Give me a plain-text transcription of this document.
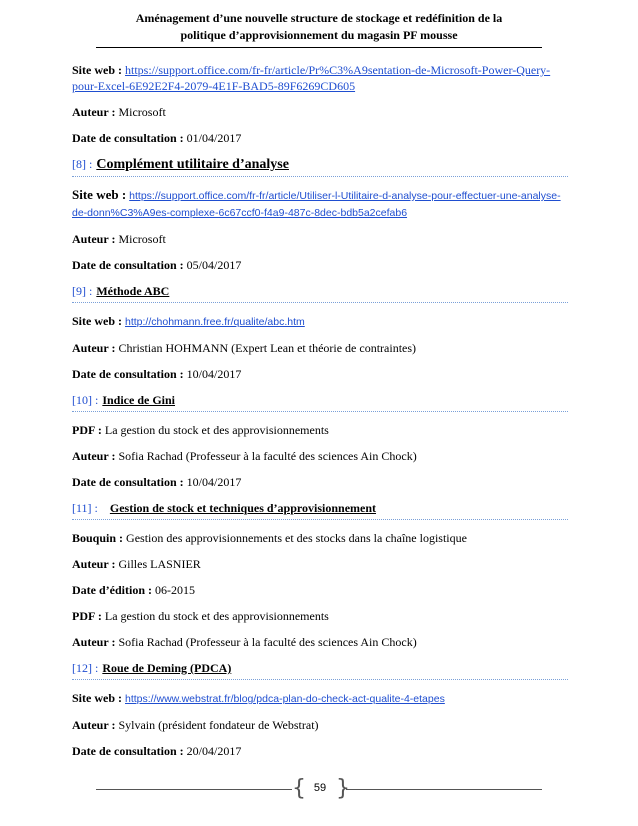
Aménagement d’une nouvelle structure de stockage et redéfinition de la
politique d’approvisionnement du magasin PF mousse
Site web : https://support.office.com/fr-fr/article/Pr%C3%A9sentation-de-Microsoft-Power-Query-pour-Excel-6E92E2F4-2079-4E1F-BAD5-89F6269CD605
Auteur : Microsoft
Date de consultation : 01/04/2017
[8] : Complément utilitaire d’analyse
Site web : https://support.office.com/fr-fr/article/Utiliser-l-Utilitaire-d-analyse-pour-effectuer-une-analyse-de-donn%C3%A9es-complexe-6c67ccf0-f4a9-487c-8dec-bdb5a2cefab6
Auteur : Microsoft
Date de consultation : 05/04/2017
[9] : Méthode ABC
Site web : http://chohmann.free.fr/qualite/abc.htm
Auteur : Christian HOHMANN (Expert Lean et théorie de contraintes)
Date de consultation : 10/04/2017
[10] : Indice de Gini
PDF : La gestion du stock et des approvisionnements
Auteur : Sofia Rachad (Professeur à la faculté des sciences Ain Chock)
Date de consultation : 10/04/2017
[11] : Gestion de stock et techniques d’approvisionnement
Bouquin : Gestion des approvisionnements et des stocks dans la chaîne logistique
Auteur : Gilles LASNIER
Date d’édition : 06-2015
PDF : La gestion du stock et des approvisionnements
Auteur : Sofia Rachad (Professeur à la faculté des sciences Ain Chock)
[12] : Roue de Deming (PDCA)
Site web : https://www.webstrat.fr/blog/pdca-plan-do-check-act-qualite-4-etapes
Auteur : Sylvain (président fondateur de Webstrat)
Date de consultation : 20/04/2017
{ 59 }
